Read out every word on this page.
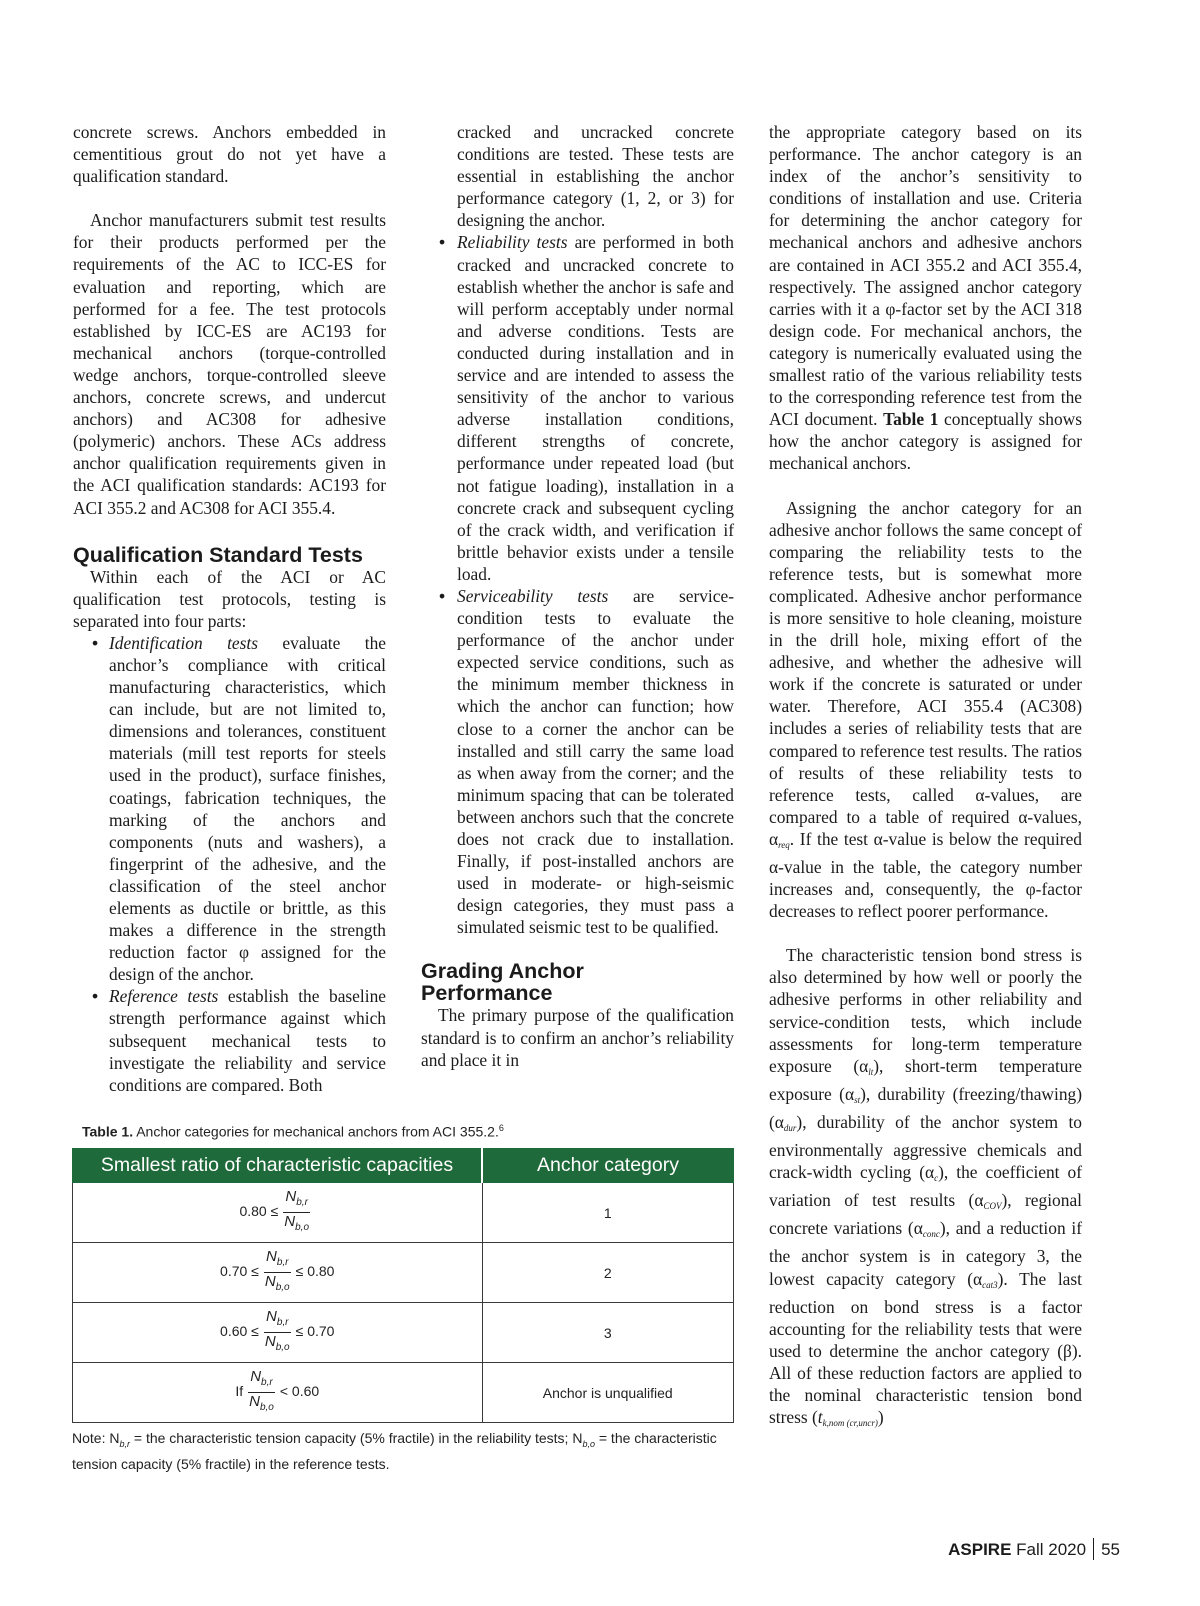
concrete screws. Anchors embedded in cementitious grout do not yet have a qualification standard.

Anchor manufacturers submit test results for their products performed per the requirements of the AC to ICC-ES for evaluation and reporting, which are performed for a fee. The test protocols established by ICC-ES are AC193 for mechanical anchors (torque-controlled wedge anchors, torque-controlled sleeve anchors, concrete screws, and undercut anchors) and AC308 for adhesive (polymeric) anchors. These ACs address anchor qualification requirements given in the ACI qualification standards: AC193 for ACI 355.2 and AC308 for ACI 355.4.

Qualification Standard Tests

Within each of the ACI or AC qualification test protocols, testing is separated into four parts:

• Identification tests evaluate the anchor’s compliance with critical manufacturing characteristics, which can include, but are not limited to, dimensions and tolerances, constituent materials (mill test reports for steels used in the product), surface finishes, coatings, fabrication techniques, the marking of the anchors and components (nuts and washers), a fingerprint of the adhesive, and the classification of the steel anchor elements as ductile or brittle, as this makes a difference in the strength reduction factor φ assigned for the design of the anchor.
• Reference tests establish the baseline strength performance against which subsequent mechanical tests to investigate the reliability and service conditions are compared. Both

cracked and uncracked concrete conditions are tested. These tests are essential in establishing the anchor performance category (1, 2, or 3) for designing the anchor.

• Reliability tests are performed in both cracked and uncracked concrete to establish whether the anchor is safe and will perform acceptably under normal and adverse conditions. Tests are conducted during installation and in service and are intended to assess the sensitivity of the anchor to various adverse installation conditions, different strengths of concrete, performance under repeated load (but not fatigue loading), installation in a concrete crack and subsequent cycling of the crack width, and verification if brittle behavior exists under a tensile load.
• Serviceability tests are service-condition tests to evaluate the performance of the anchor under expected service conditions, such as the minimum member thickness in which the anchor can function; how close to a corner the anchor can be installed and still carry the same load as when away from the corner; and the minimum spacing that can be tolerated between anchors such that the concrete does not crack due to installation. Finally, if post-installed anchors are used in moderate- or high-seismic design categories, they must pass a simulated seismic test to be qualified.
Grading Anchor Performance

The primary purpose of the qualification standard is to confirm an anchor’s reliability and place it in

the appropriate category based on its performance. The anchor category is an index of the anchor’s sensitivity to conditions of installation and use. Criteria for determining the anchor category for mechanical anchors and adhesive anchors are contained in ACI 355.2 and ACI 355.4, respectively. The assigned anchor category carries with it a φ-factor set by the ACI 318 design code. For mechanical anchors, the category is numerically evaluated using the smallest ratio of the various reliability tests to the corresponding reference test from the ACI document. Table 1 conceptually shows how the anchor category is assigned for mechanical anchors.

Assigning the anchor category for an adhesive anchor follows the same concept of comparing the reliability tests to the reference tests, but is somewhat more complicated. Adhesive anchor performance is more sensitive to hole cleaning, moisture in the drill hole, mixing effort of the adhesive, and whether the adhesive will work if the concrete is saturated or under water. Therefore, ACI 355.4 (AC308) includes a series of reliability tests that are compared to reference test results. The ratios of results of these reliability tests to reference tests, called α-values, are compared to a table of required α-values, $\alpha_{req}$. If the test α-value is below the required α-value in the table, the category number increases and, consequently, the φ-factor decreases to reflect poorer performance.

The characteristic tension bond stress is also determined by how well or poorly the adhesive performs in other reliability and service-condition tests, which include assessments for long-term temperature exposure $(\alpha_{lt})$, short-term temperature exposure $(\alpha_{st})$, durability (freezing/thawing) $(\alpha_{dur})$, durability of the anchor system to environmentally aggressive chemicals and crack-width cycling $(\alpha_c)$, the coefficient of variation of test results $(\alpha_{COV})$, regional concrete variations $(\alpha_{conc})$, and a reduction if the anchor system is in category 3, the lowest capacity category $(\alpha_{cat3})$. The last reduction on bond stress is a factor accounting for the reliability tests that were used to determine the anchor category (β). All of these reduction factors are applied to the nominal characteristic tension bond stress $(t_{k,nom (cr,uncr)})$

Table 1. Anchor categories for mechanical anchors from ACI 355.2.$^6$
Smallest ratio of characteristic capacities	Anchor category
$0.80 \le \frac{N_{b,r}}{N_{b,o}}$	1
$0.70 \le \frac{N_{b,r}}{N_{b,o}} \le 0.80$	2
$0.60 \le \frac{N_{b,r}}{N_{b,o}} \le 0.70$	3
If $\frac{N_{b,r}}{N_{b,o}} < 0.60$	Anchor is unqualified
Note: $N_{b,r}$ = the characteristic tension capacity (5% fractile) in the reliability tests; $N_{b,o}$ = the characteristic tension capacity (5% fractile) in the reference tests.
ASPIRE Fall 2020 55
